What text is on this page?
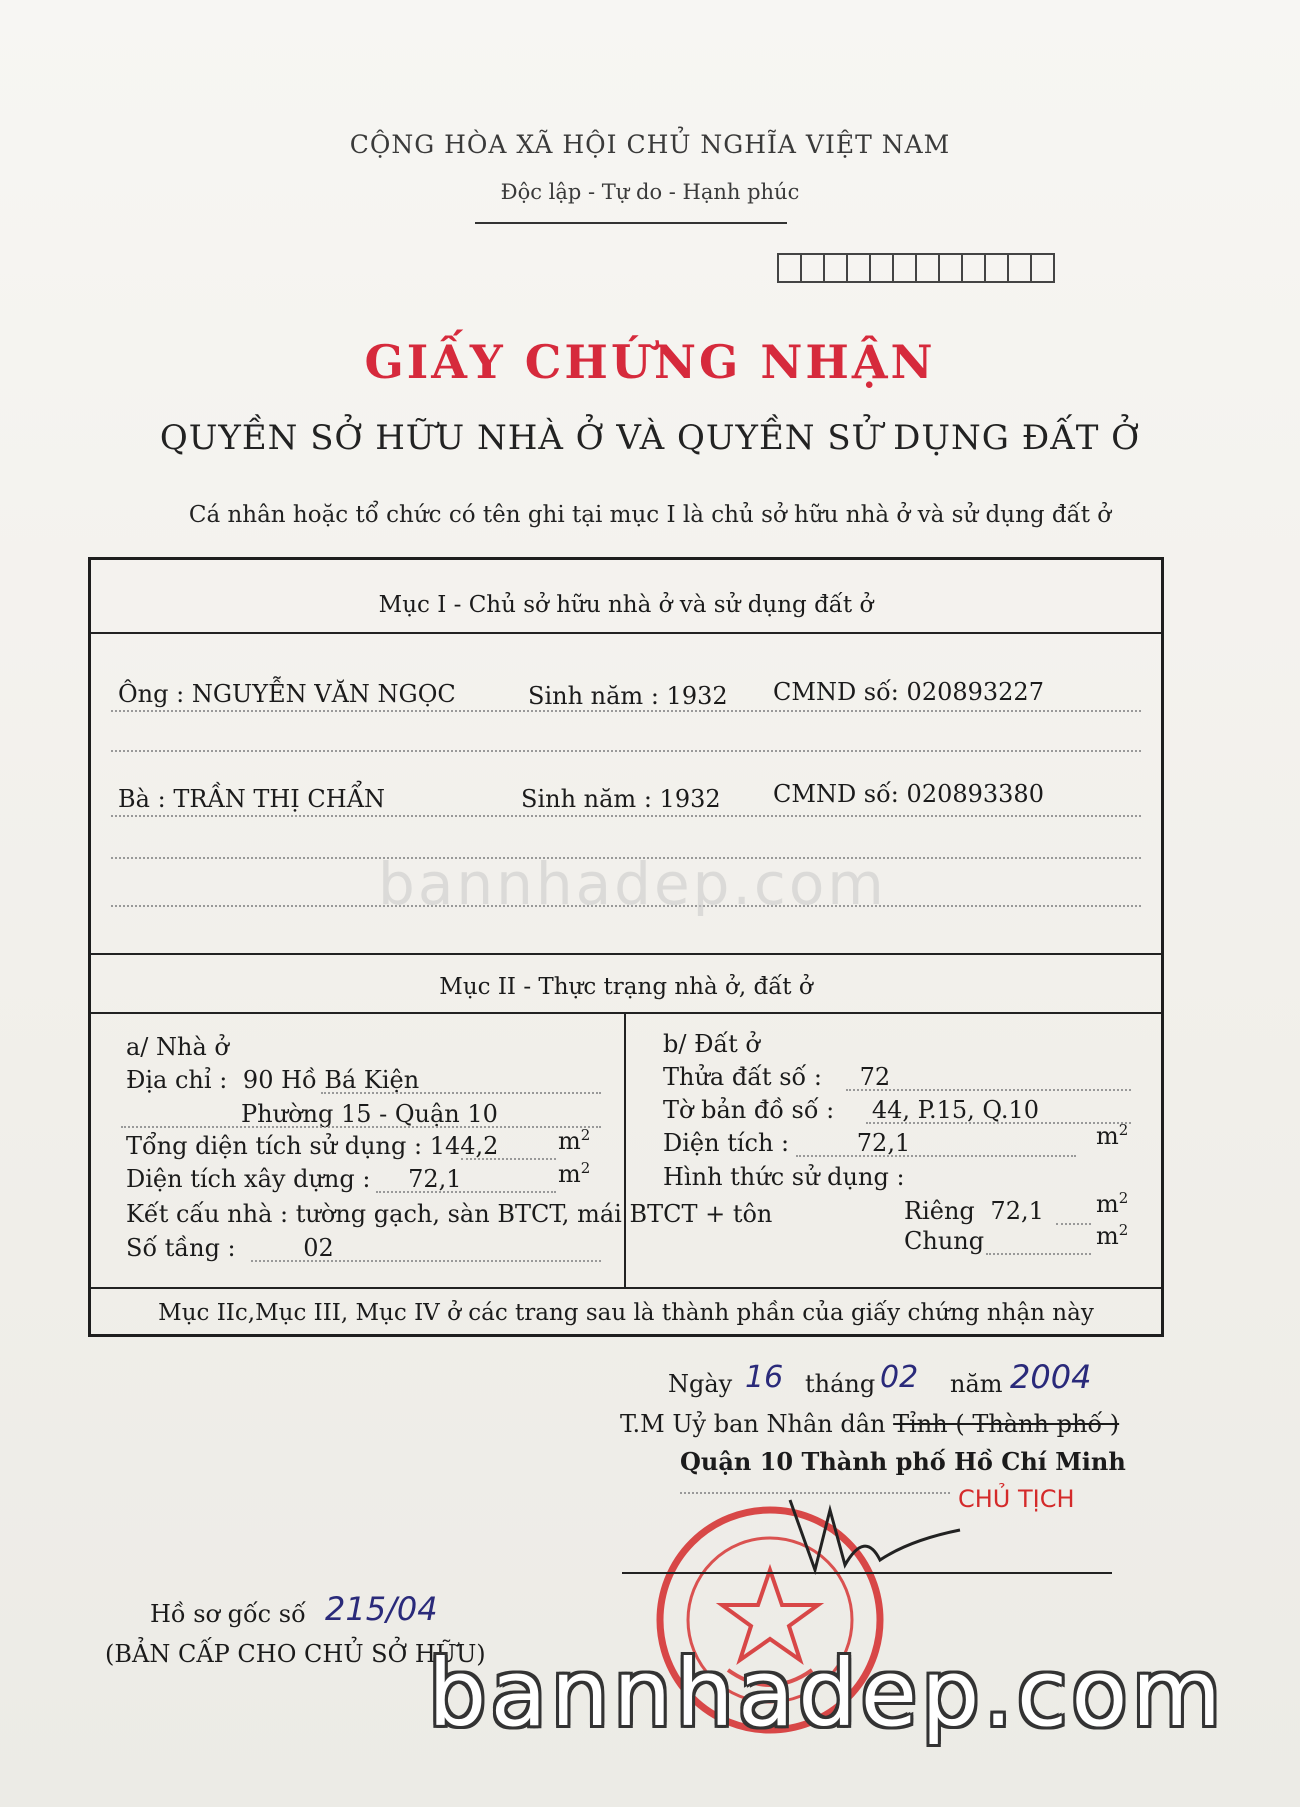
CỘNG HÒA XÃ HỘI CHỦ NGHĨA VIỆT NAM
Độc lập - Tự do - Hạnh phúc
GIẤY CHỨNG NHẬN
QUYỀN SỞ HỮU NHÀ Ở VÀ QUYỀN SỬ DỤNG ĐẤT Ở
Cá nhân hoặc tổ chức có tên ghi tại mục I là chủ sở hữu nhà ở và sử dụng đất ở
Mục I - Chủ sở hữu nhà ở và sử dụng đất ở
Ông : NGUYỄN VĂN NGỌC	Sinh năm : 1932 CMND số: 020893227
Bà : TRẦN THỊ CHẨN	Sinh năm : 1932 CMND số: 020893380
Mục II - Thực trạng nhà ở, đất ở
a/ Nhà ở
Địa chỉ : 90 Hồ Bá Kiện
Phường 15 - Quận 10
Tổng diện tích sử dụng : 144,2 $m^2$
Diện tích xây dựng : 72,1	$m^2$
Kết cấu nhà : tường gạch, sàn BTCT, mái BTCT + tôn
Số tầng :	02
b/ Đất ở
Thửa đất số : 72
Tờ bản đồ số : 44, P.15, Q.10
Diện tích :	72,1	$m^2$
Hình thức sử dụng :
Riêng 72,1 $m^2$
Chung	$m^2$
Mục IIc,Mục III, Mục IV ở các trang sau là thành phần của giấy chứng nhận này
Ngày 16 tháng 02 năm 2004
T.M Uỷ ban Nhân dân Tỉnh ( Thành phố )
Quận 10 Thành phố Hồ Chí Minh
CHỦ TỊCH
Hồ sơ gốc số 215/04
(BẢN CẤP CHO CHỦ SỞ HỮU)
bannhadep.com
bannhadep.com
